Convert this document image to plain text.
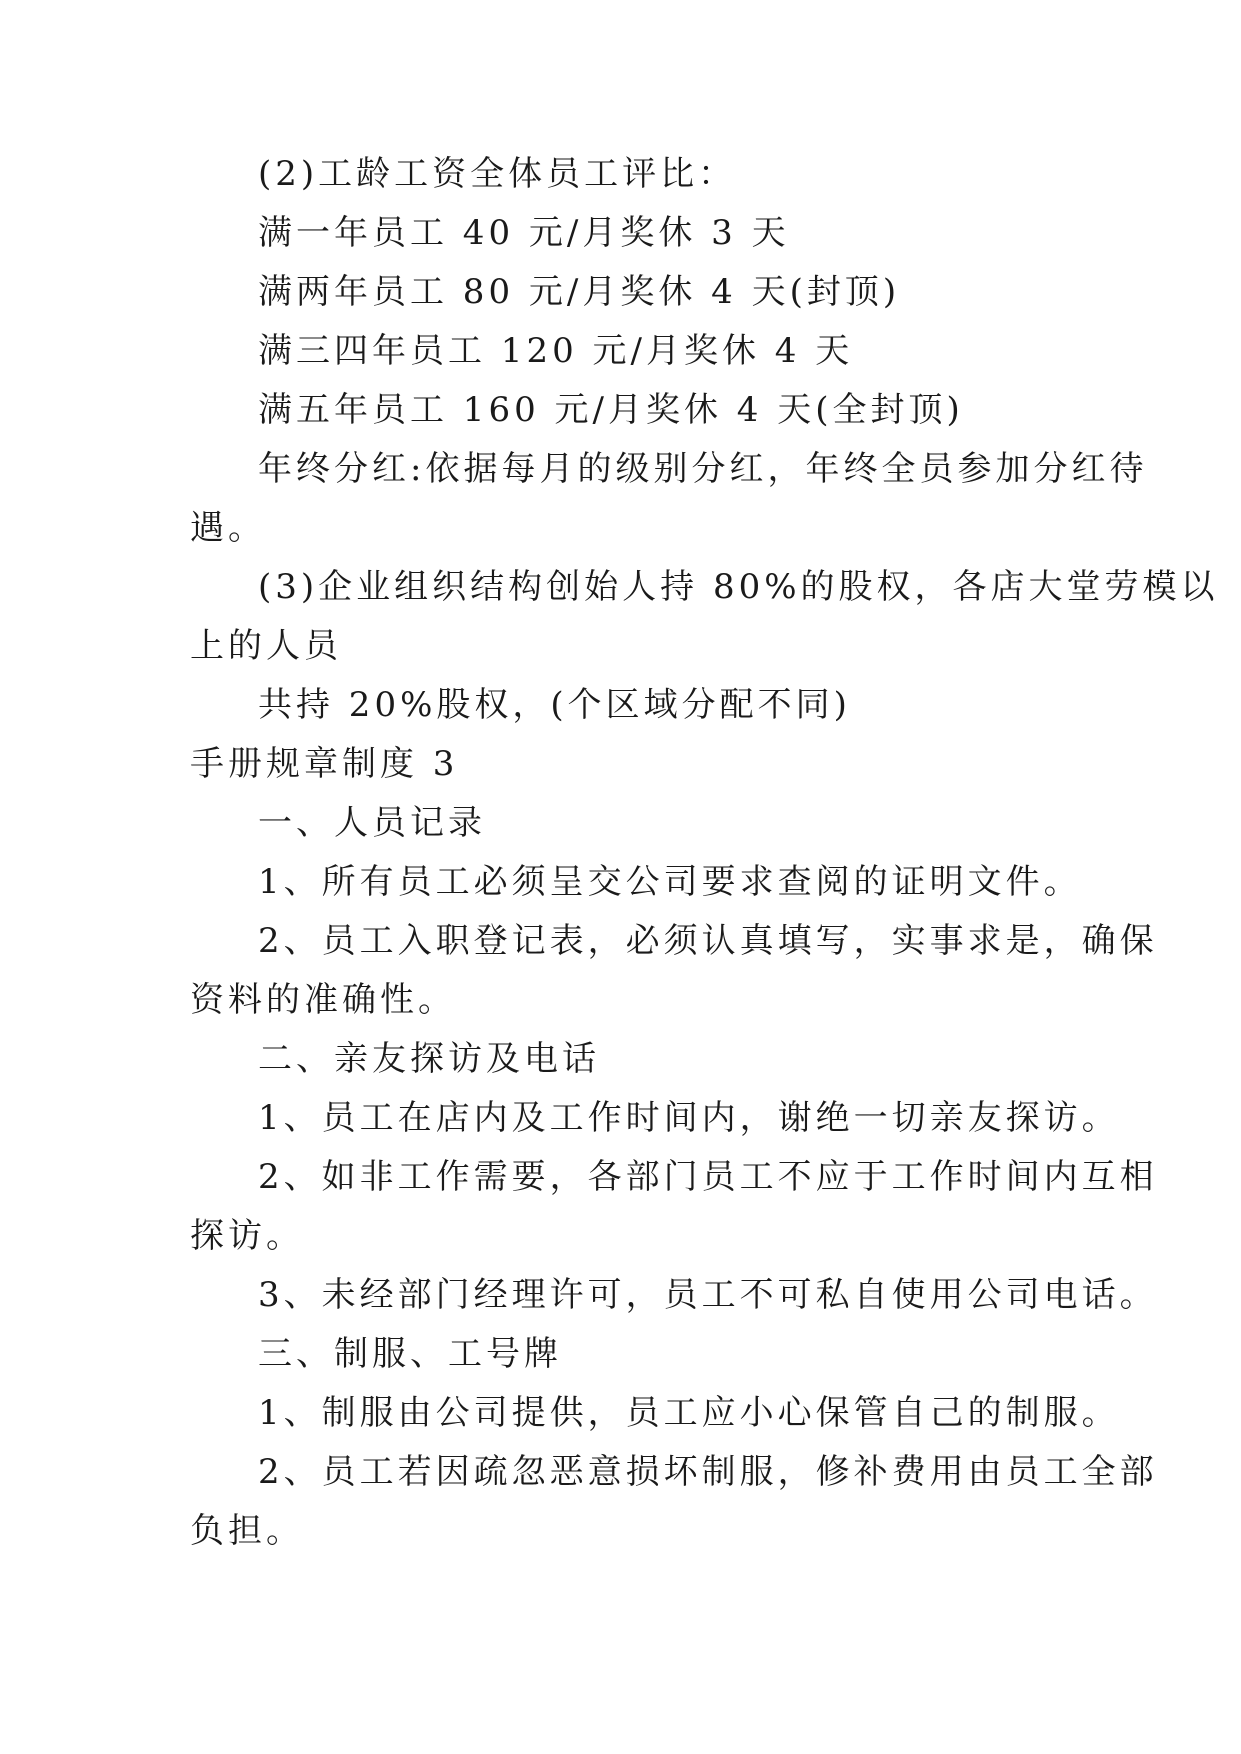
(2)工龄工资全体员工评比：

满一年员工 40 元/月奖休 3 天

满两年员工 80 元/月奖休 4 天(封顶)

满三四年员工 120 元/月奖休 4 天

满五年员工 160 元/月奖休 4 天(全封顶)

年终分红:依据每月的级别分红，年终全员参加分红待

遇。

(3)企业组织结构创始人持 80%的股权，各店大堂劳模以

上的人员

共持 20%股权，(个区域分配不同)

手册规章制度 3

一、人员记录

1、所有员工必须呈交公司要求查阅的证明文件。

2、员工入职登记表，必须认真填写，实事求是，确保

资料的准确性。

二、亲友探访及电话

1、员工在店内及工作时间内，谢绝一切亲友探访。

2、如非工作需要，各部门员工不应于工作时间内互相

探访。

3、未经部门经理许可，员工不可私自使用公司电话。

三、制服、工号牌

1、制服由公司提供，员工应小心保管自己的制服。

2、员工若因疏忽恶意损坏制服，修补费用由员工全部

负担。
